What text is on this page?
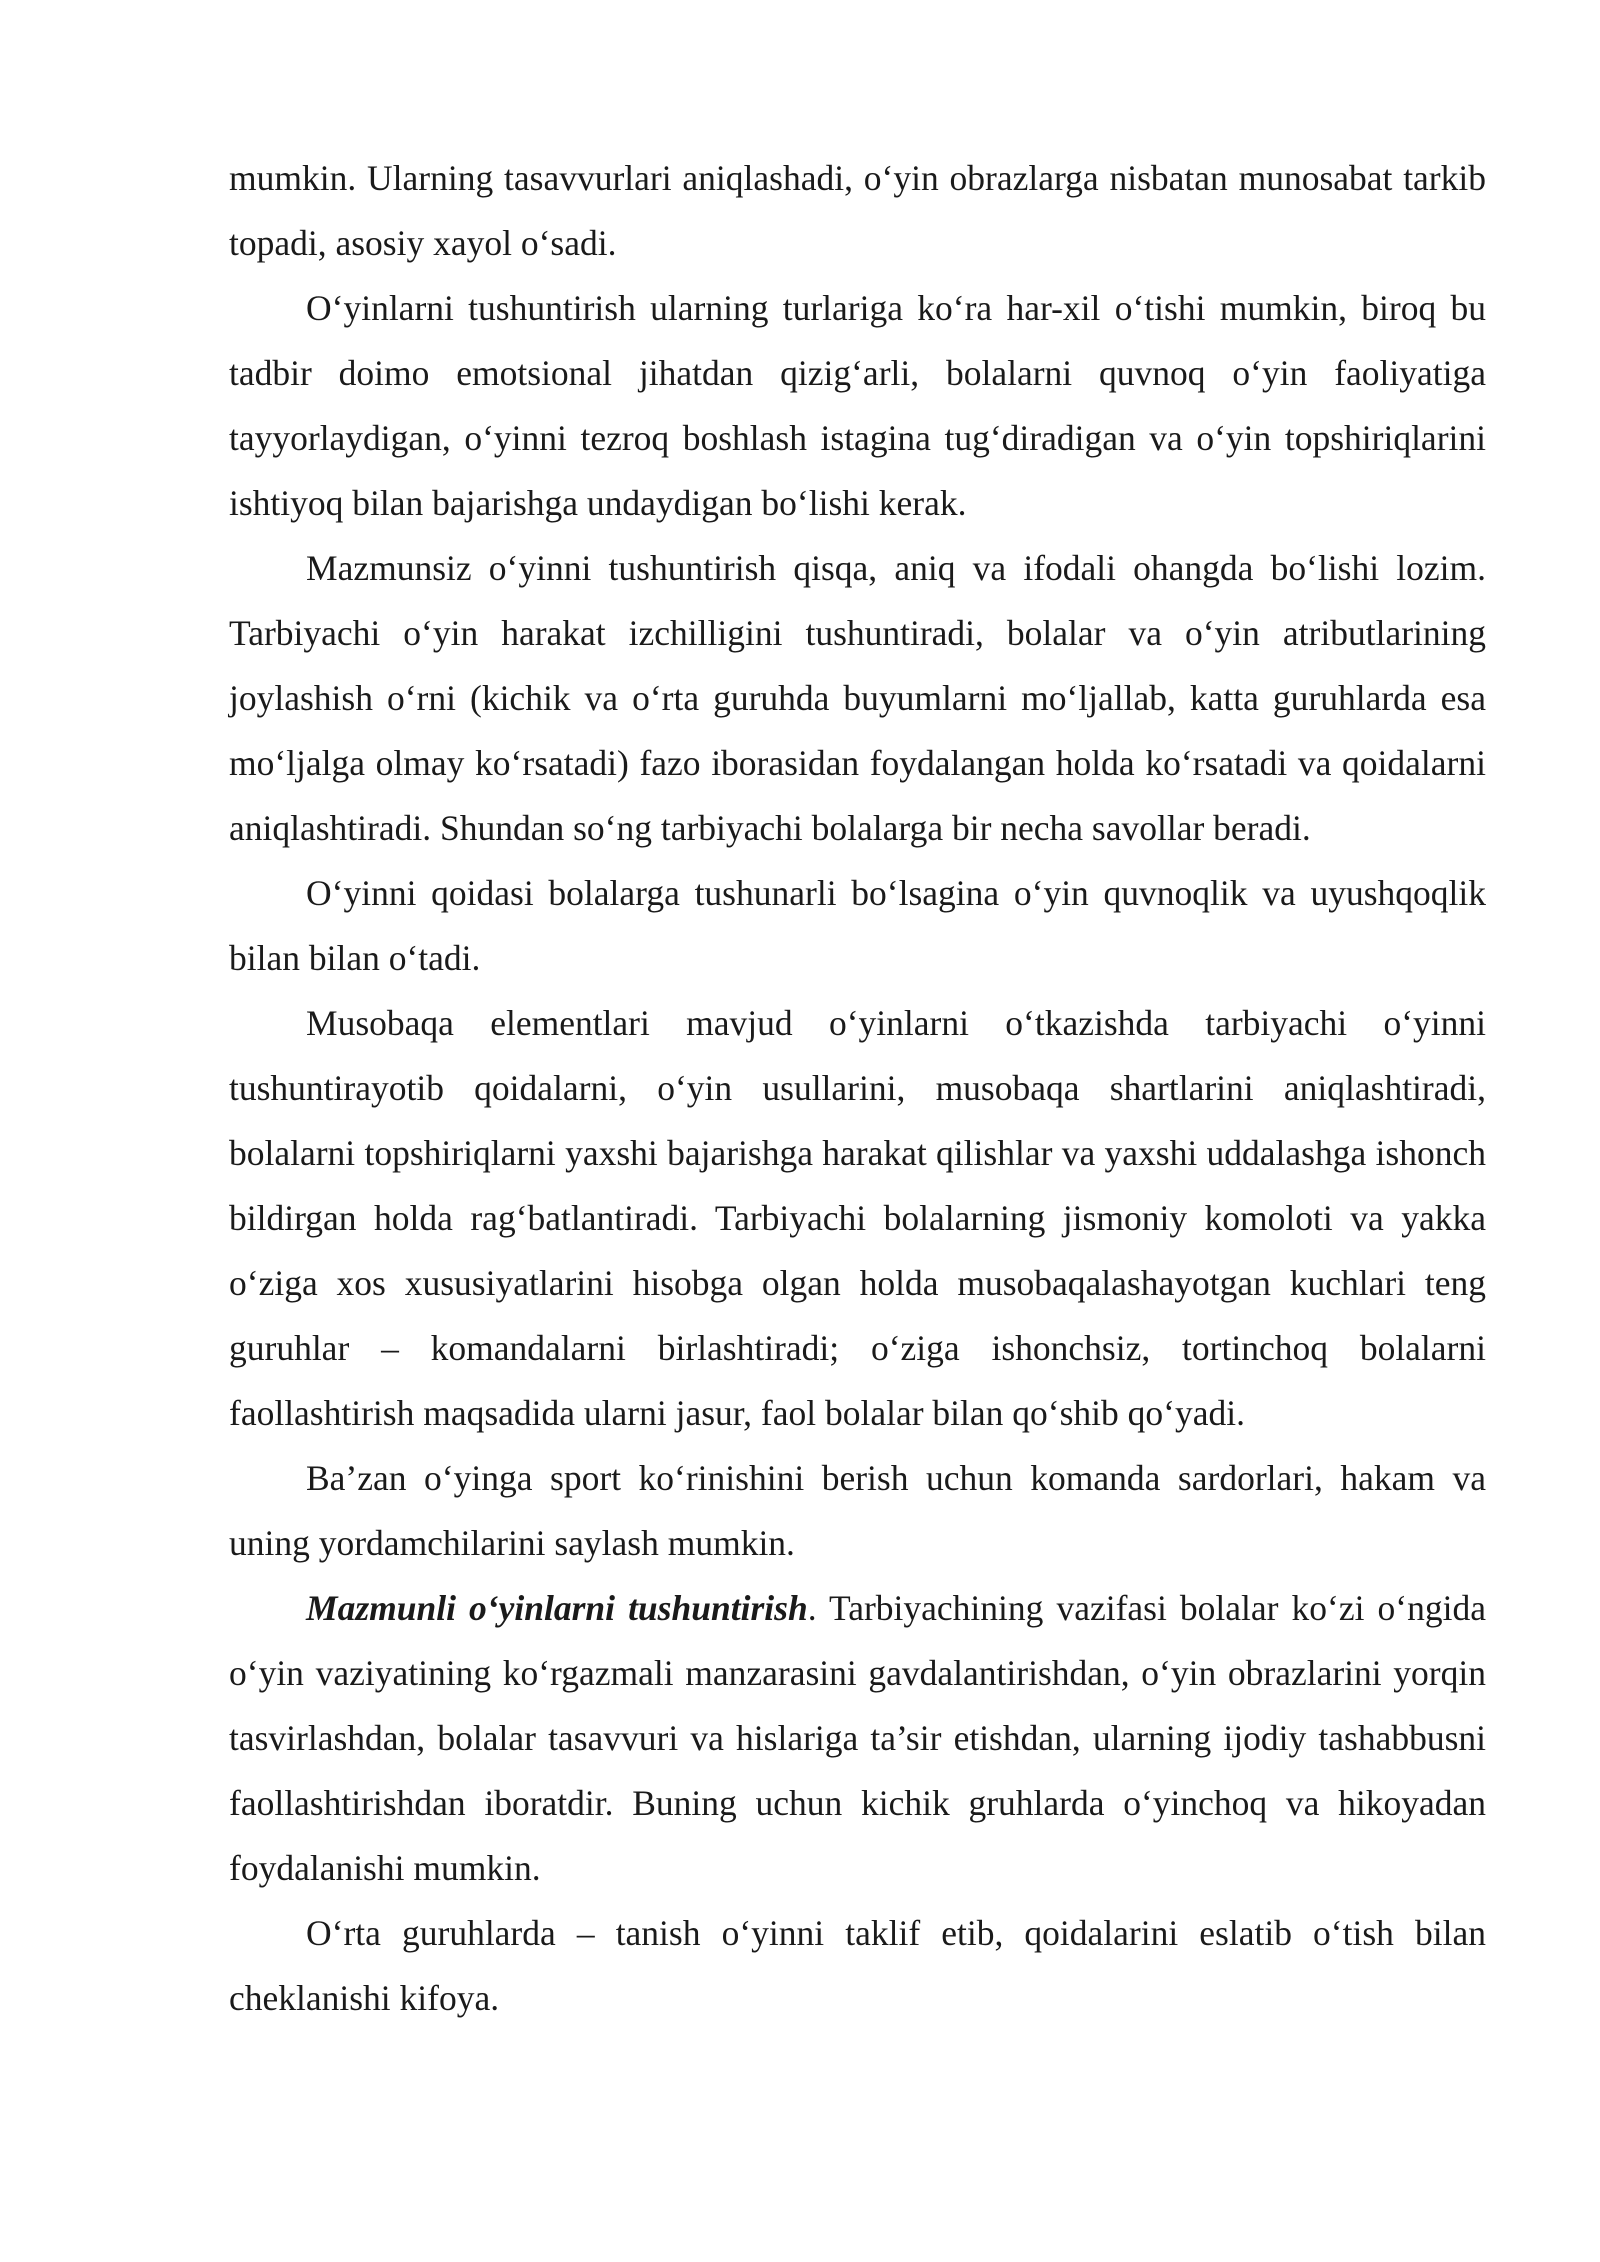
mumkin. Ularning tasavvurlari aniqlashadi, o‘yin obrazlarga nisbatan munosabat tarkib topadi, asosiy xayol o‘sadi.

O‘yinlarni tushuntirish ularning turlariga ko‘ra har-xil o‘tishi mumkin, biroq bu tadbir doimo emotsional jihatdan qizig‘arli, bolalarni quvnoq o‘yin faoliyatiga tayyorlaydigan, o‘yinni tezroq boshlash istagina tug‘diradigan va o‘yin topshiriqlarini ishtiyoq bilan bajarishga undaydigan bo‘lishi kerak.

Mazmunsiz o‘yinni tushuntirish qisqa, aniq va ifodali ohangda bo‘lishi lozim. Tarbiyachi o‘yin harakat izchilligini tushuntiradi, bolalar va o‘yin atributlarining joylashish o‘rni (kichik va o‘rta guruhda buyumlarni mo‘ljallab, katta guruhlarda esa mo‘ljalga olmay ko‘rsatadi) fazo iborasidan foydalangan holda ko‘rsatadi va qoidalarni aniqlashtiradi. Shundan so‘ng tarbiyachi bolalarga bir necha savollar beradi.

O‘yinni qoidasi bolalarga tushunarli bo‘lsagina o‘yin quvnoqlik va uyushqoqlik bilan bilan o‘tadi.

Musobaqa elementlari mavjud o‘yinlarni o‘tkazishda tarbiyachi o‘yinni tushuntirayotib qoidalarni, o‘yin usullarini, musobaqa shartlarini aniqlashtiradi, bolalarni topshiriqlarni yaxshi bajarishga harakat qilishlar va yaxshi uddalashga ishonch bildirgan holda rag‘batlantiradi. Tarbiyachi bolalarning jismoniy komoloti va yakka o‘ziga xos xususiyatlarini hisobga olgan holda musobaqalashayotgan kuchlari teng guruhlar – komandalarni birlashtiradi; o‘ziga ishonchsiz, tortinchoq bolalarni faollashtirish maqsadida ularni jasur, faol bolalar bilan qo‘shib qo‘yadi.

Ba’zan o‘yinga sport ko‘rinishini berish uchun komanda sardorlari, hakam va uning yordamchilarini saylash mumkin.

Mazmunli o‘yinlarni tushuntirish. Tarbiyachining vazifasi bolalar ko‘zi o‘ngida o‘yin vaziyatining ko‘rgazmali manzarasini gavdalantirishdan, o‘yin obrazlarini yorqin tasvirlashdan, bolalar tasavvuri va hislariga ta’sir etishdan, ularning ijodiy tashabbusni faollashtirishdan iboratdir. Buning uchun kichik gruhlarda o‘yinchoq va hikoyadan foydalanishi mumkin.

O‘rta guruhlarda – tanish o‘yinni taklif etib, qoidalarini eslatib o‘tish bilan cheklanishi kifoya.
